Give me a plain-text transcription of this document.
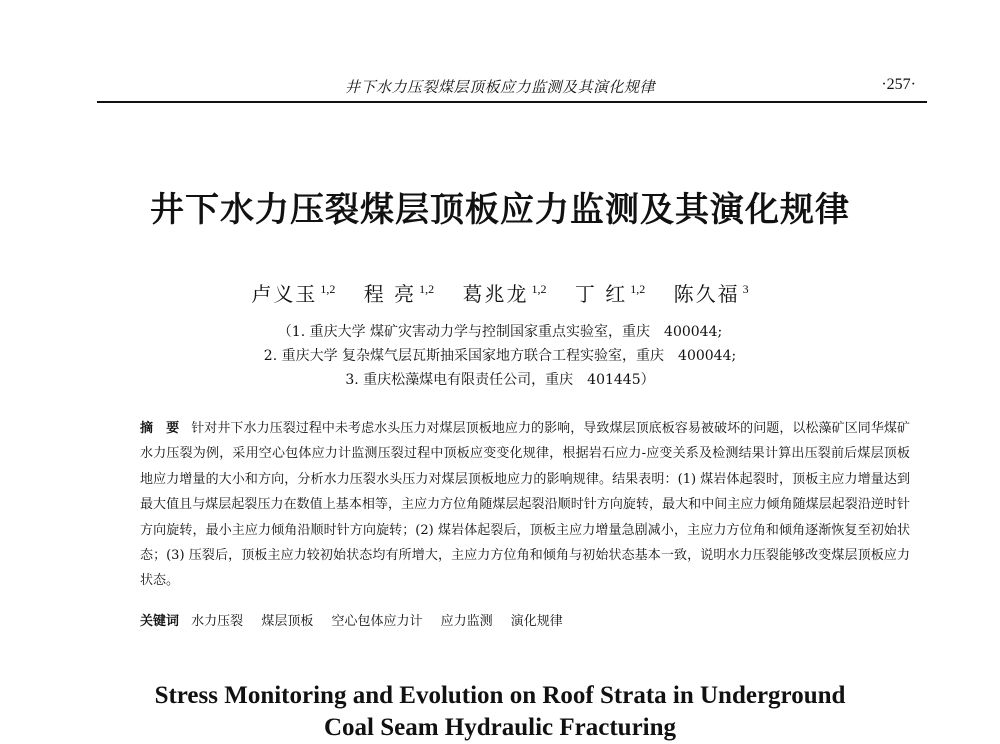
井下水力压裂煤层顶板应力监测及其演化规律	·257·
井下水力压裂煤层顶板应力监测及其演化规律
卢义玉 $^{1,2}$ 程 亮 $^{1,2}$ 葛兆龙 $^{1,2}$ 丁 红 $^{1,2}$ 陈久福 $^3$
（1. 重庆大学 煤矿灾害动力学与控制国家重点实验室，重庆　400044;
2. 重庆大学 复杂煤气层瓦斯抽采国家地方联合工程实验室，重庆　400044;
3. 重庆松藻煤电有限责任公司，重庆　401445）
摘　要 针对井下水力压裂过程中未考虑水头压力对煤层顶板地应力的影响，导致煤层顶底板容易被破坏的问题，以松藻矿区同华煤矿水力压裂为例，采用空心包体应力计监测压裂过程中顶板应变变化规律，根据岩石应力-应变关系及检测结果计算出压裂前后煤层顶板地应力增量的大小和方向，分析水力压裂水头压力对煤层顶板地应力的影响规律。结果表明：(1) 煤岩体起裂时，顶板主应力增量达到最大值且与煤层起裂压力在数值上基本相等，主应力方位角随煤层起裂沿顺时针方向旋转，最大和中间主应力倾角随煤层起裂沿逆时针方向旋转，最小主应力倾角沿顺时针方向旋转；(2) 煤岩体起裂后，顶板主应力增量急剧减小，主应力方位角和倾角逐渐恢复至初始状态；(3) 压裂后，顶板主应力较初始状态均有所增大，主应力方位角和倾角与初始状态基本一致，说明水力压裂能够改变煤层顶板应力状态。
关键词 水力压裂 煤层顶板 空心包体应力计 应力监测 演化规律
Stress Monitoring and Evolution on Roof Strata in Underground
Coal Seam Hydraulic Fracturing
